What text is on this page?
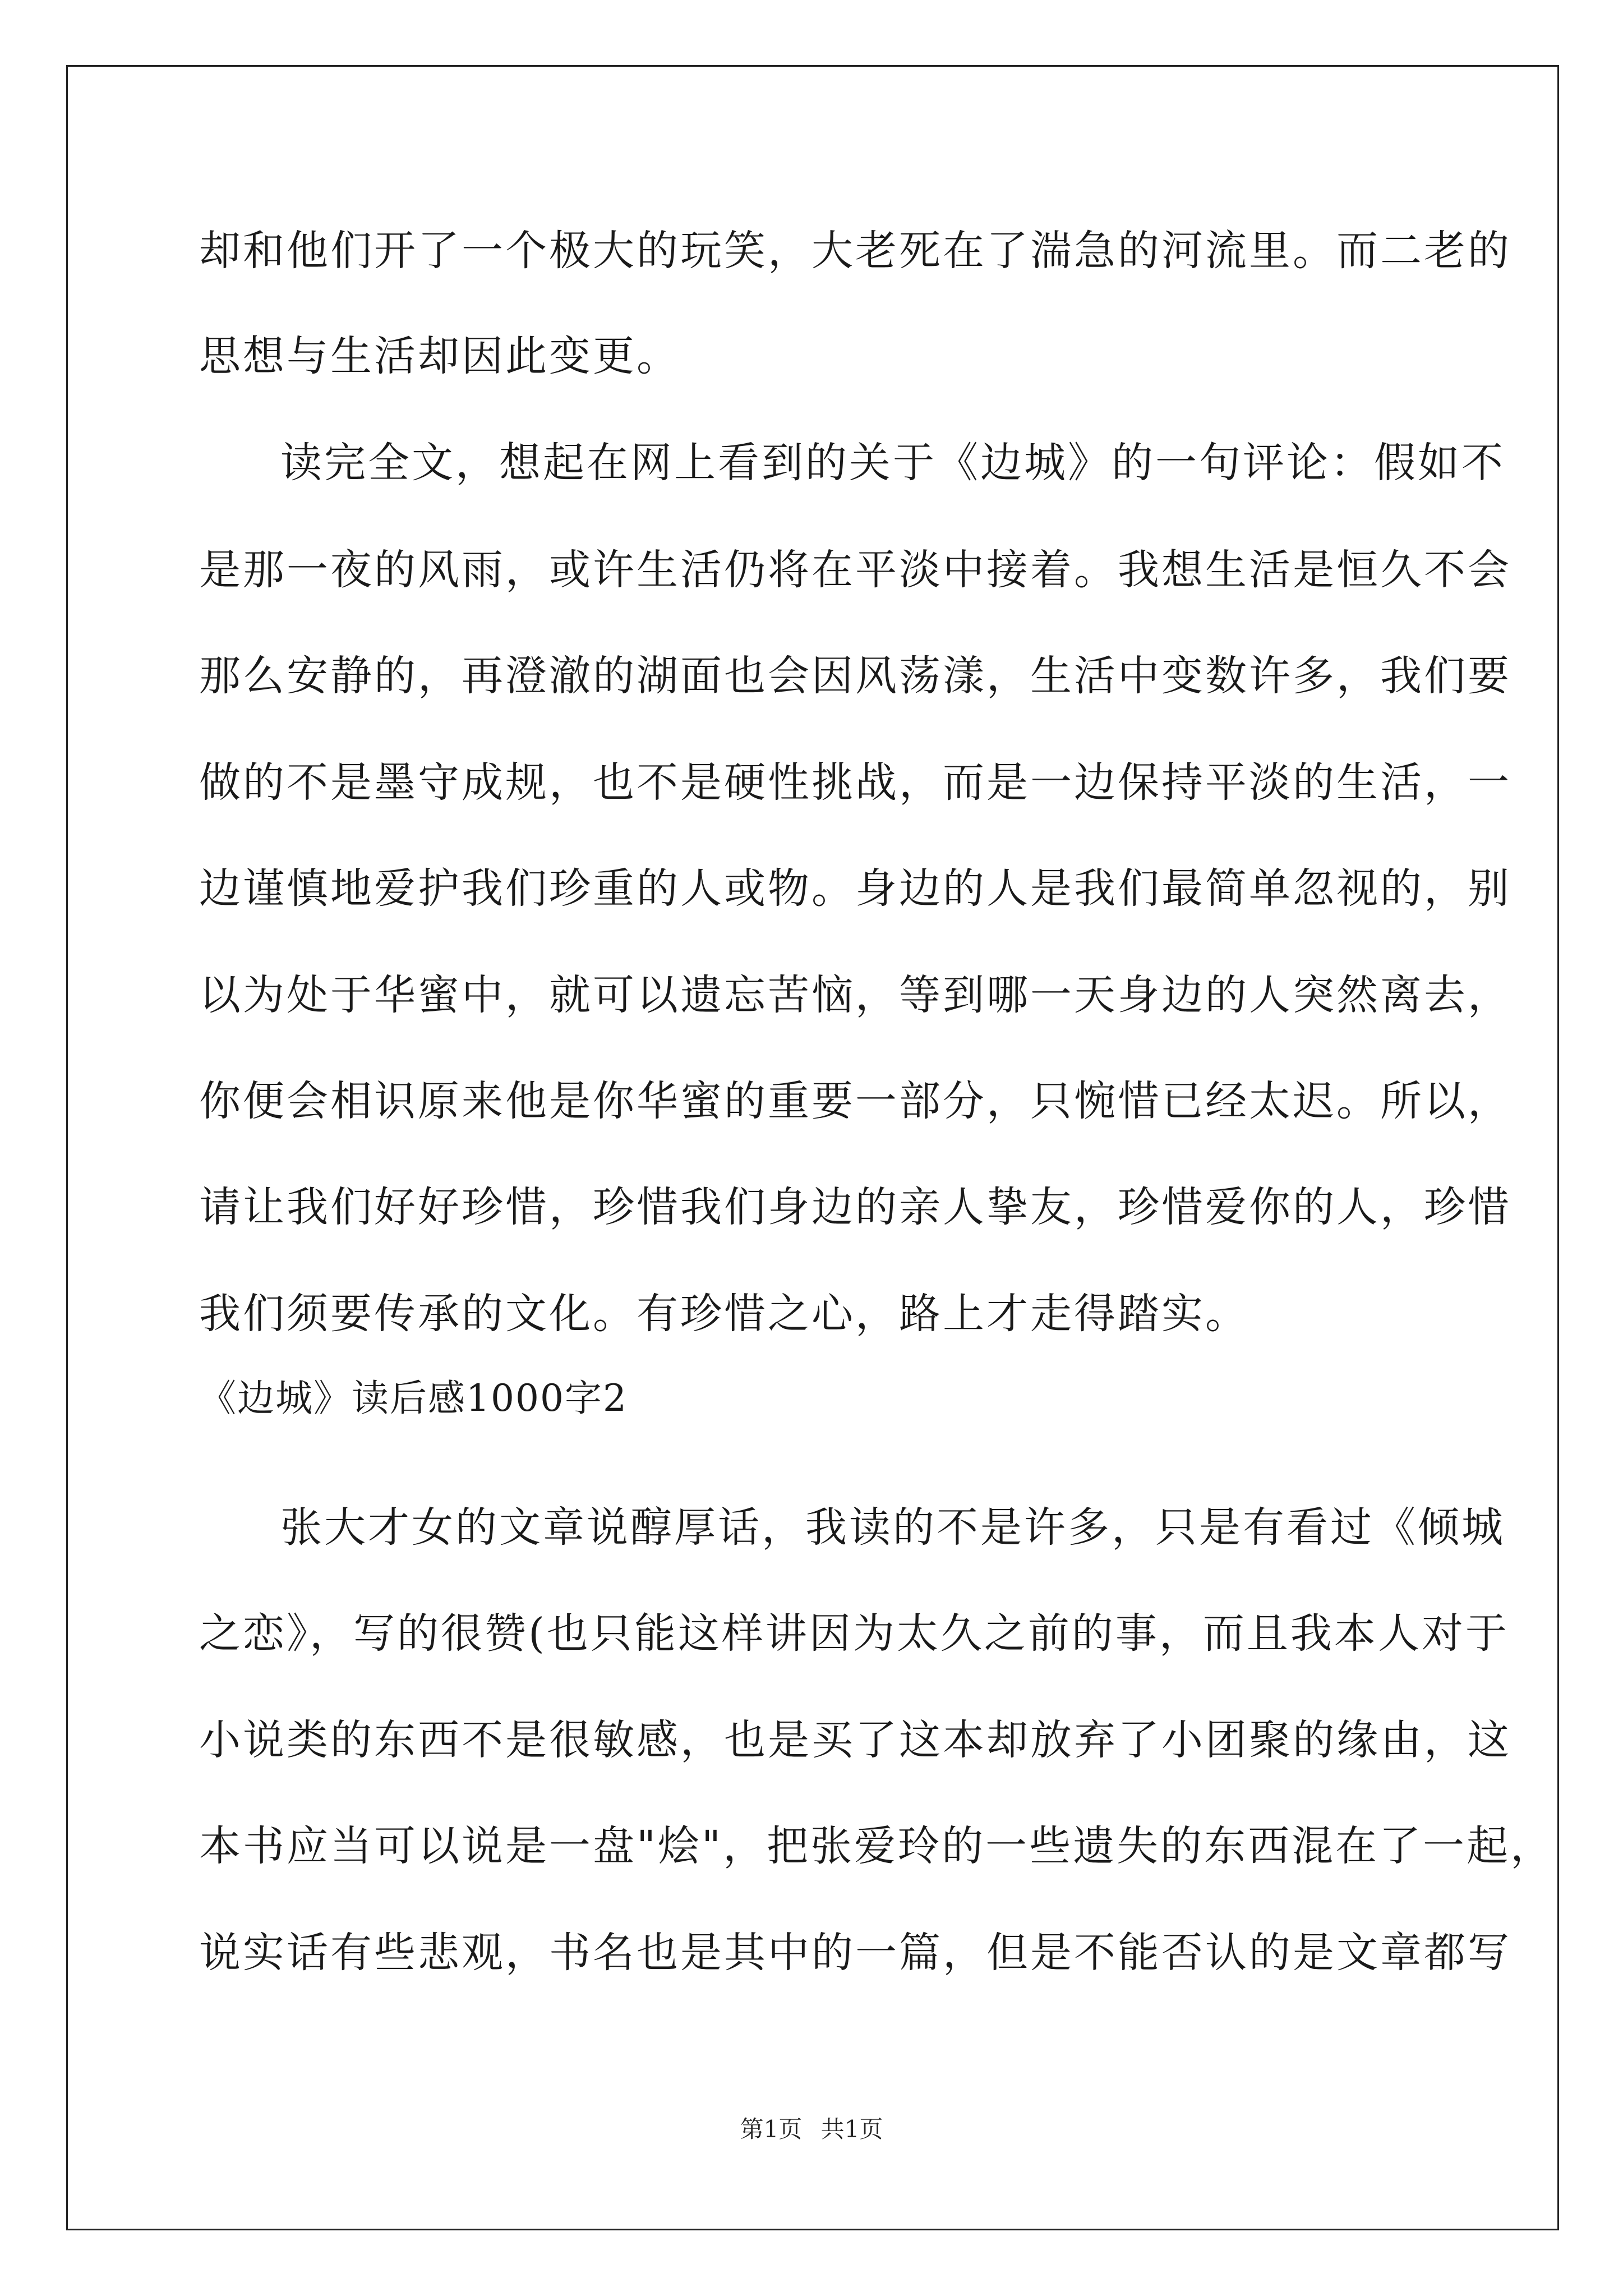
却和他们开了一个极大的玩笑，大老死在了湍急的河流里。而二老的
思想与生活却因此变更。
读完全文，想起在网上看到的关于《边城》的一句评论：假如不
是那一夜的风雨，或许生活仍将在平淡中接着。我想生活是恒久不会
那么安静的，再澄澈的湖面也会因风荡漾，生活中变数许多，我们要
做的不是墨守成规，也不是硬性挑战，而是一边保持平淡的生活，一
边谨慎地爱护我们珍重的人或物。身边的人是我们最简单忽视的，别
以为处于华蜜中，就可以遗忘苦恼，等到哪一天身边的人突然离去，
你便会相识原来他是你华蜜的重要一部分，只惋惜已经太迟。所以，
请让我们好好珍惜，珍惜我们身边的亲人挚友，珍惜爱你的人，珍惜
我们须要传承的文化。有珍惜之心，路上才走得踏实。
《边城》读后感1000字2
张大才女的文章说醇厚话，我读的不是许多，只是有看过《倾城
之恋》，写的很赞(也只能这样讲因为太久之前的事，而且我本人对于
小说类的东西不是很敏感，也是买了这本却放弃了小团聚的缘由，这
本书应当可以说是一盘"烩"，把张爱玲的一些遗失的东西混在了一起，
说实话有些悲观，书名也是其中的一篇，但是不能否认的是文章都写
第1页 共1页
